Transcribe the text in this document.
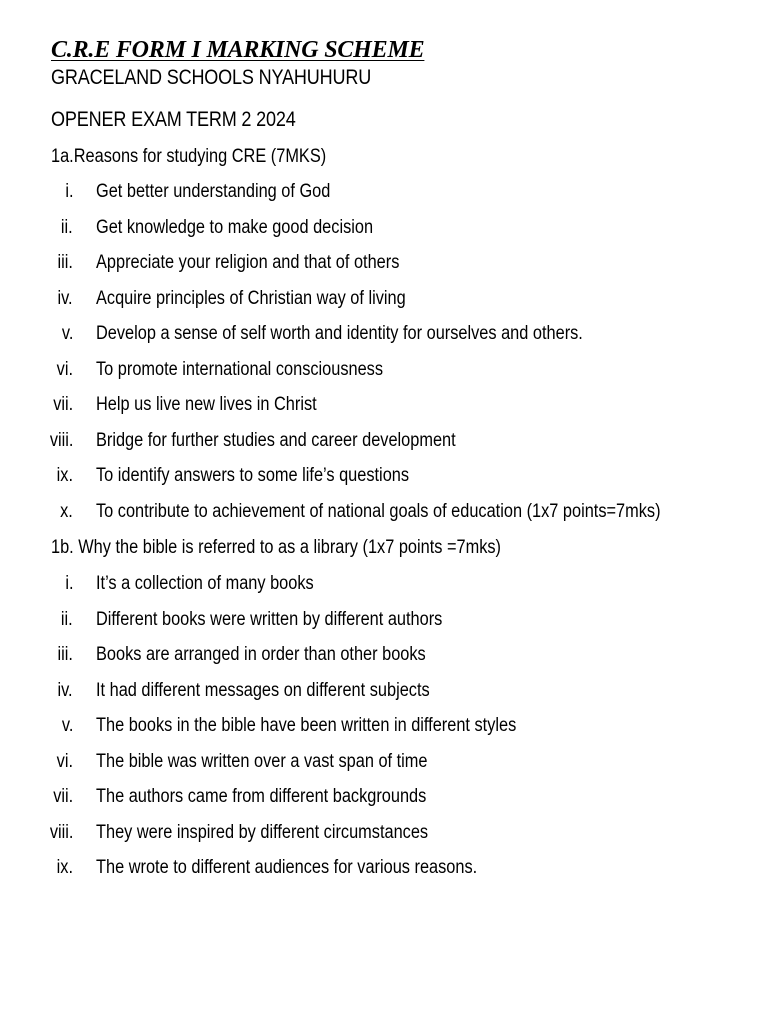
C.R.E FORM I MARKING SCHEME
GRACELAND SCHOOLS NYAHUHURU
OPENER EXAM TERM 2 2024
1a.Reasons for studying CRE (7MKS)
i. Get better understanding of God
ii. Get knowledge to make good decision
iii. Appreciate your religion and that of others
iv. Acquire principles of Christian way of living
v. Develop a sense of self worth and identity for ourselves and others.
vi. To promote international consciousness
vii. Help us live new lives in Christ
viii. Bridge for further studies and career development
ix. To identify answers to some life’s questions
x. To contribute to achievement of national goals of education (1x7 points=7mks)
1b. Why the bible is referred to as a library (1x7 points =7mks)
i. It’s a collection of many books
ii. Different books were written by different authors
iii. Books are arranged in order than other books
iv. It had different messages on different subjects
v. The books in the bible have been written in different styles
vi. The bible was written over a vast span of time
vii. The authors came from different backgrounds
viii. They were inspired by different circumstances
ix. The wrote to different audiences for various reasons.
